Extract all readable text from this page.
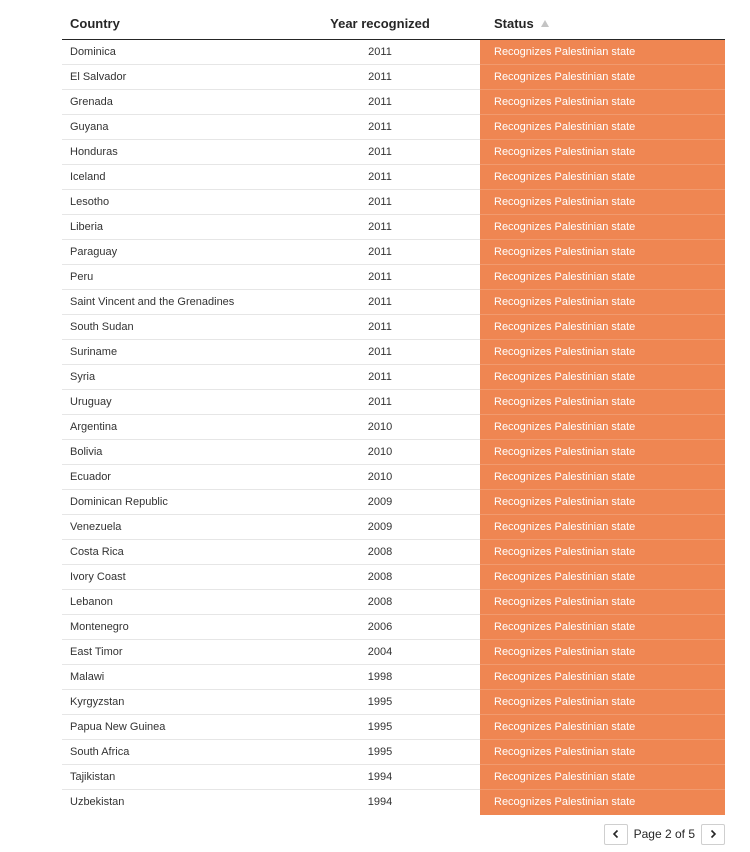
Country	Year recognized	Status
Dominica	2011	Recognizes Palestinian state
El Salvador	2011	Recognizes Palestinian state
Grenada	2011	Recognizes Palestinian state
Guyana	2011	Recognizes Palestinian state
Honduras	2011	Recognizes Palestinian state
Iceland	2011	Recognizes Palestinian state
Lesotho	2011	Recognizes Palestinian state
Liberia	2011	Recognizes Palestinian state
Paraguay	2011	Recognizes Palestinian state
Peru	2011	Recognizes Palestinian state
Saint Vincent and the Grenadines	2011	Recognizes Palestinian state
South Sudan	2011	Recognizes Palestinian state
Suriname	2011	Recognizes Palestinian state
Syria	2011	Recognizes Palestinian state
Uruguay	2011	Recognizes Palestinian state
Argentina	2010	Recognizes Palestinian state
Bolivia	2010	Recognizes Palestinian state
Ecuador	2010	Recognizes Palestinian state
Dominican Republic	2009	Recognizes Palestinian state
Venezuela	2009	Recognizes Palestinian state
Costa Rica	2008	Recognizes Palestinian state
Ivory Coast	2008	Recognizes Palestinian state
Lebanon	2008	Recognizes Palestinian state
Montenegro	2006	Recognizes Palestinian state
East Timor	2004	Recognizes Palestinian state
Malawi	1998	Recognizes Palestinian state
Kyrgyzstan	1995	Recognizes Palestinian state
Papua New Guinea	1995	Recognizes Palestinian state
South Africa	1995	Recognizes Palestinian state
Tajikistan	1994	Recognizes Palestinian state
Uzbekistan	1994	Recognizes Palestinian state
Page 2 of 5
